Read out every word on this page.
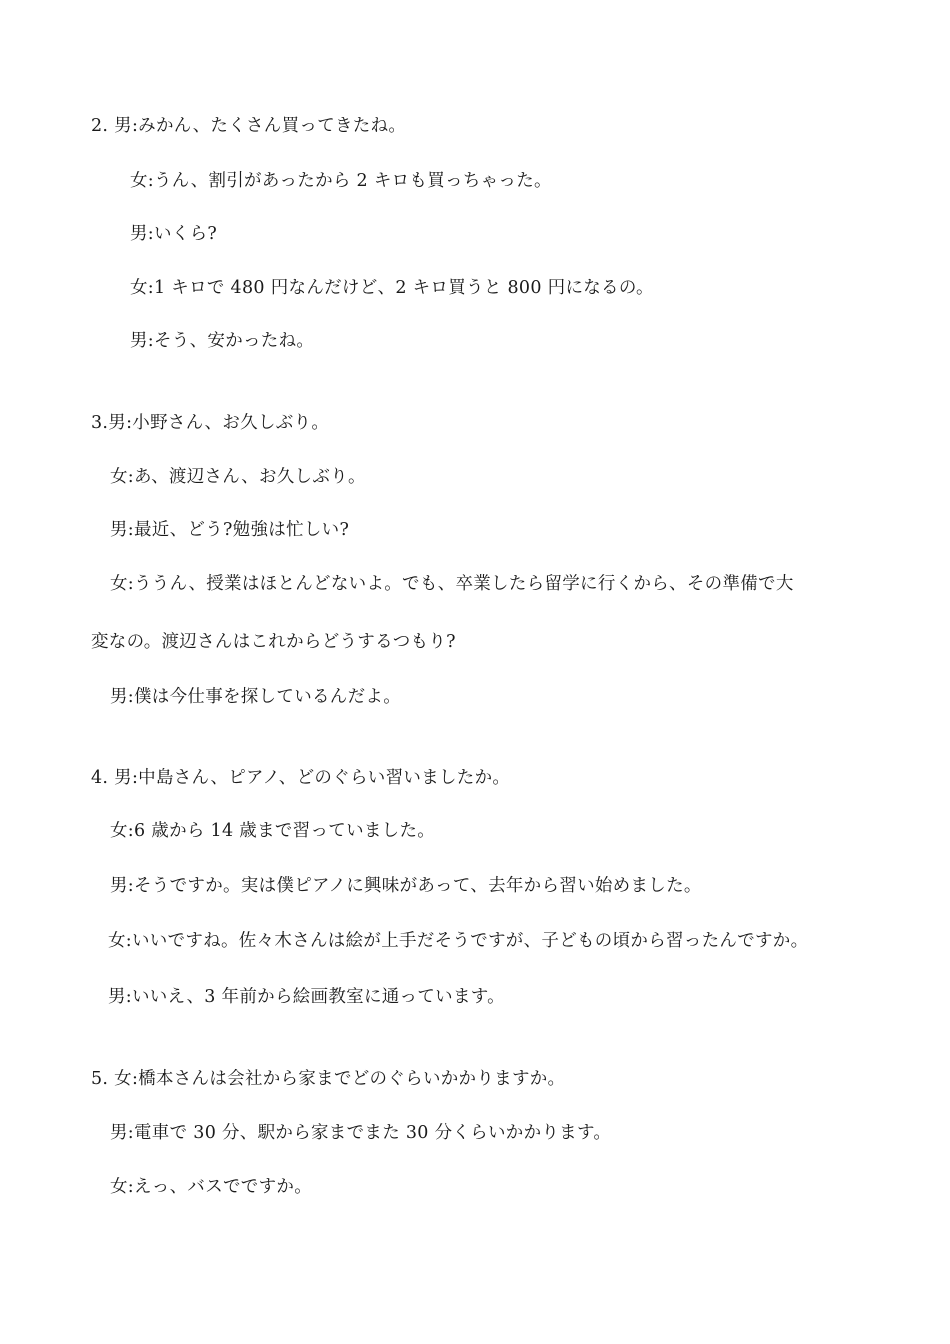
2. 男:みかん、たくさん買ってきたね。
女:うん、割引があったから 2 キロも買っちゃった。
男:いくら?
女:1 キロで 480 円なんだけど、2 キロ買うと 800 円になるの。
男:そう、安かったね。
3.男:小野さん、お久しぶり。
女:あ、渡辺さん、お久しぶり。
男:最近、どう?勉強は忙しい?
女:ううん、授業はほとんどないよ。でも、卒業したら留学に行くから、その準備で大
変なの。渡辺さんはこれからどうするつもり?
男:僕は今仕事を探しているんだよ。
4. 男:中島さん、ピアノ、どのぐらい習いましたか。
女:6 歳から 14 歳まで習っていました。
男:そうですか。実は僕ピアノに興味があって、去年から習い始めました。
女:いいですね。佐々木さんは絵が上手だそうですが、子どもの頃から習ったんですか。
男:いいえ、3 年前から絵画教室に通っています。
5. 女:橋本さんは会社から家までどのぐらいかかりますか。
男:電車で 30 分、駅から家までまた 30 分くらいかかります。
女:えっ、バスでですか。
